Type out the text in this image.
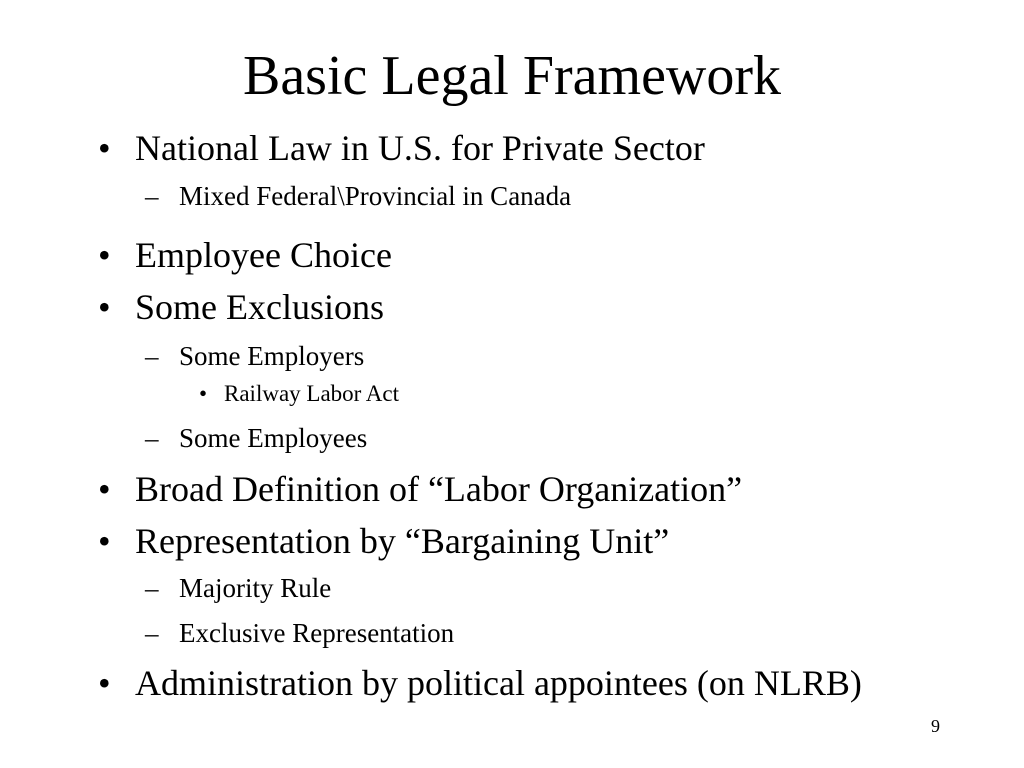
Basic Legal Framework
• National Law in U.S. for Private Sector
– Mixed Federal\Provincial in Canada
• Employee Choice
• Some Exclusions
– Some Employers
• Railway Labor Act
– Some Employees
• Broad Definition of “Labor Organization”
• Representation by “Bargaining Unit”
– Majority Rule
– Exclusive Representation
• Administration by political appointees (on NLRB)
9
